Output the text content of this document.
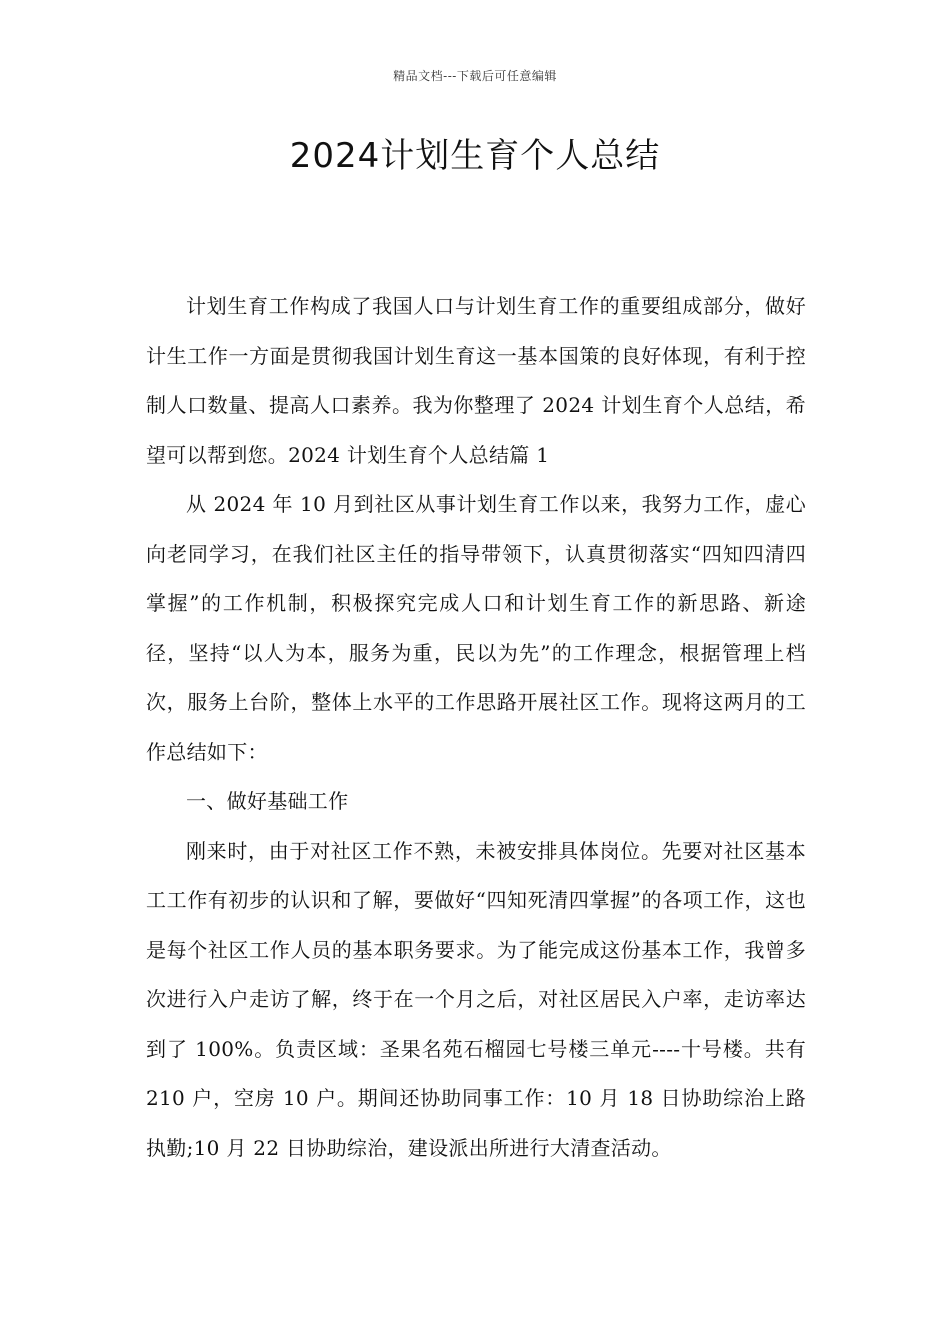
精品文档---下载后可任意编辑
2024计划生育个人总结

计划生育工作构成了我国人口与计划生育工作的重要组成部分，做好计生工作一方面是贯彻我国计划生育这一基本国策的良好体现，有利于控制人口数量、提高人口素养。我为你整理了 2024 计划生育个人总结，希望可以帮到您。2024 计划生育个人总结篇 1

从 2024 年 10 月到社区从事计划生育工作以来，我努力工作，虚心向老同学习，在我们社区主任的指导带领下，认真贯彻落实“四知四清四掌握”的工作机制，积极探究完成人口和计划生育工作的新思路、新途径，坚持“以人为本，服务为重，民以为先”的工作理念，根据管理上档次，服务上台阶，整体上水平的工作思路开展社区工作。现将这两月的工作总结如下：

一、做好基础工作

刚来时，由于对社区工作不熟，未被安排具体岗位。先要对社区基本工工作有初步的认识和了解，要做好“四知死清四掌握”的各项工作，这也是每个社区工作人员的基本职务要求。为了能完成这份基本工作，我曾多次进行入户走访了解，终于在一个月之后，对社区居民入户率，走访率达到了 100%。负责区域：圣果名苑石榴园七号楼三单元----十号楼。共有 210 户，空房 10 户。期间还协助同事工作：10 月 18 日协助综治上路执勤;10 月 22 日协助综治，建设派出所进行大清查活动。
